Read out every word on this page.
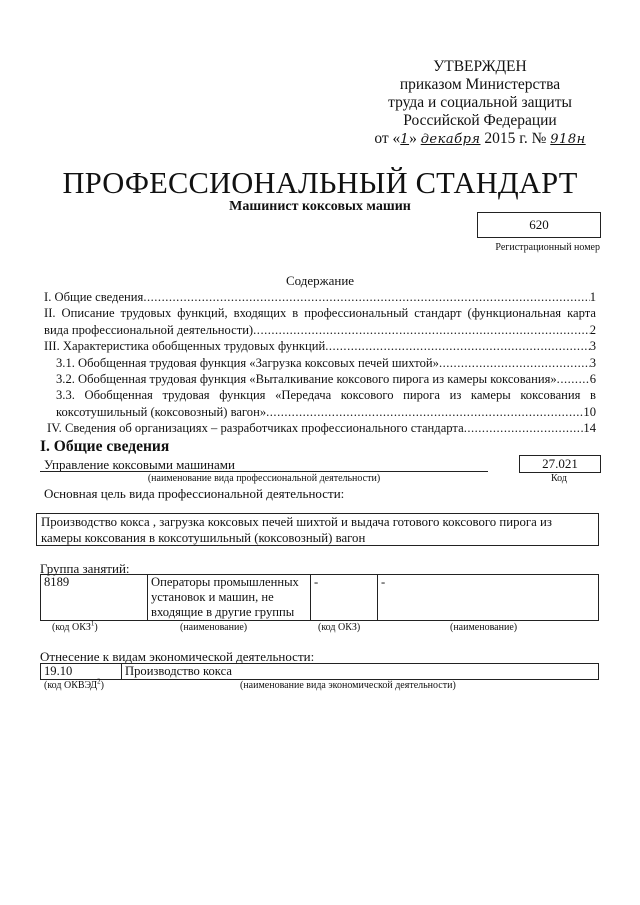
УТВЕРЖДЕН
приказом Министерства
труда и социальной защиты
Российской Федерации
от «1» декабря 2015 г. № 918н
ПРОФЕССИОНАЛЬНЫЙ СТАНДАРТ
Машинист коксовых машин
620
Регистрационный номер
Содержание
I. Общие сведения .....	1
II. Описание трудовых функций, входящих в профессиональный стандарт (функциональная карта
вида профессиональной деятельности) .....	2
III. Характеристика обобщенных трудовых функций .....	3
3.1. Обобщенная трудовая функция «Загрузка коксовых печей шихтой» .....	3
3.2. Обобщенная трудовая функция «Выталкивание коксового пирога из камеры коксования» .....	6
3.3. Обобщенная трудовая функция «Передача коксового пирога из камеры коксования в
коксотушильный (коксовозный) вагон» .....	10
IV. Сведения об организациях – разработчиках профессионального стандарта .....	14
I. Общие сведения
Управление коксовыми машинами
(наименование вида профессиональной деятельности)
27.021
Код
Основная цель вида профессиональной деятельности:
Производство кокса , загрузка коксовых печей шихтой и выдача готового коксового пирога из камеры коксования в коксотушильный (коксовозный) вагон
Группа занятий:
8189	Операторы промышленных установок и машин, не входящие в другие группы	-	-
(код ОКЗ$^1$)	(наименование)	(код ОКЗ)	(наименование)
Отнесение к видам экономической деятельности:
19.10	Производство кокса
(код ОКВЭД$^2$)	(наименование вида экономической деятельности)
